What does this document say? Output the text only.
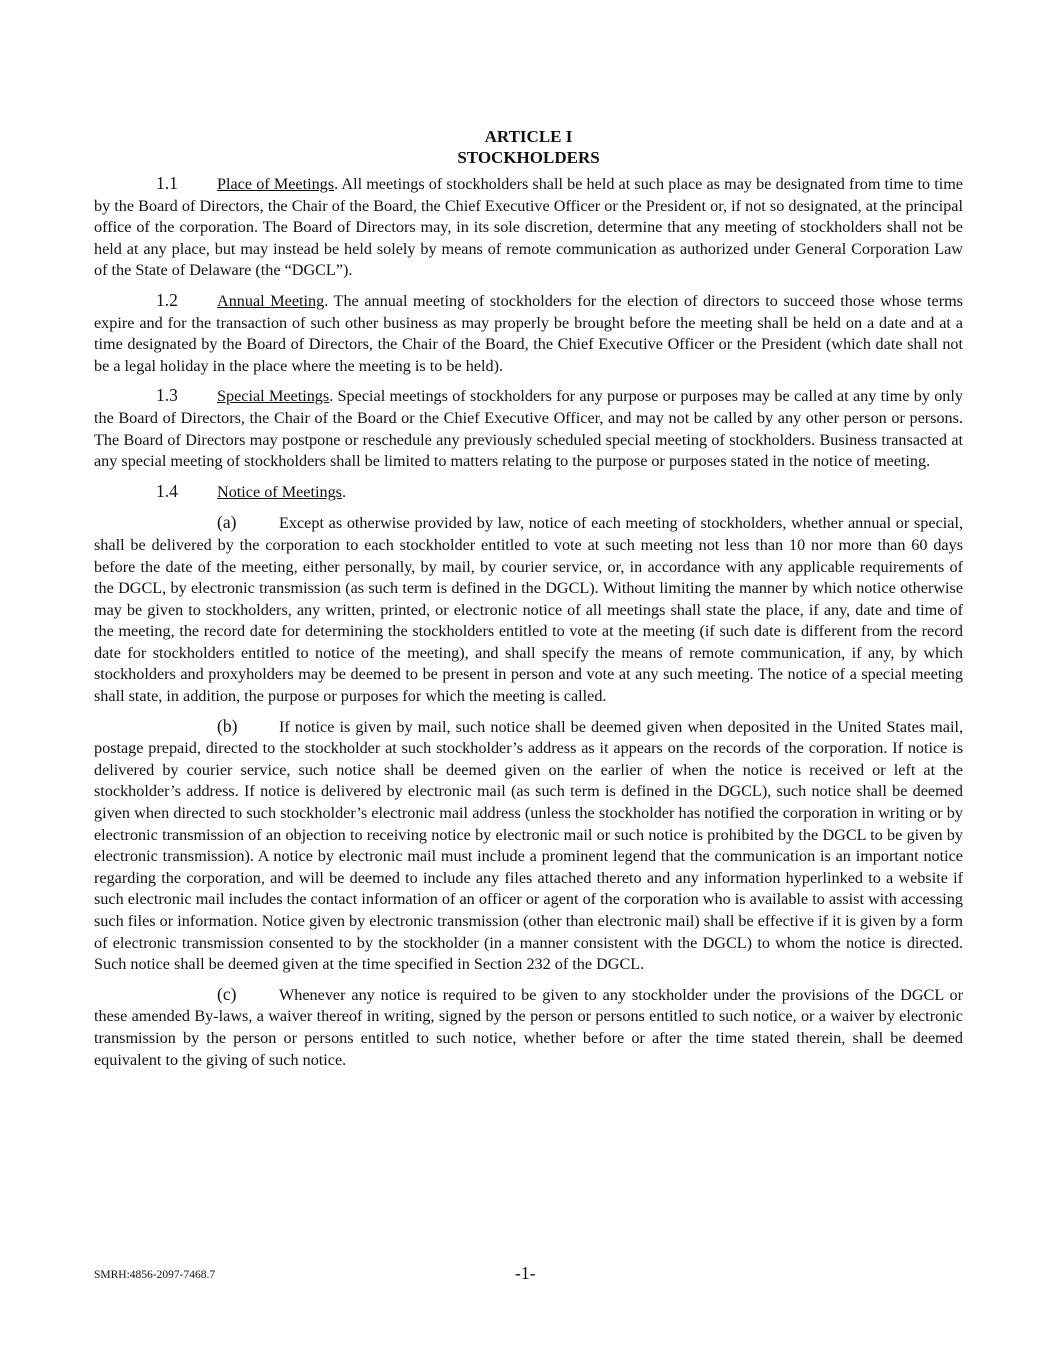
ARTICLE I
STOCKHOLDERS

1.1 Place of Meetings. All meetings of stockholders shall be held at such place as may be designated from time to time by the Board of Directors, the Chair of the Board, the Chief Executive Officer or the President or, if not so designated, at the principal office of the corporation. The Board of Directors may, in its sole discretion, determine that any meeting of stockholders shall not be held at any place, but may instead be held solely by means of remote communication as authorized under General Corporation Law of the State of Delaware (the “DGCL”).

1.2 Annual Meeting. The annual meeting of stockholders for the election of directors to succeed those whose terms expire and for the transaction of such other business as may properly be brought before the meeting shall be held on a date and at a time designated by the Board of Directors, the Chair of the Board, the Chief Executive Officer or the President (which date shall not be a legal holiday in the place where the meeting is to be held).

1.3 Special Meetings. Special meetings of stockholders for any purpose or purposes may be called at any time by only the Board of Directors, the Chair of the Board or the Chief Executive Officer, and may not be called by any other person or persons. The Board of Directors may postpone or reschedule any previously scheduled special meeting of stockholders. Business transacted at any special meeting of stockholders shall be limited to matters relating to the purpose or purposes stated in the notice of meeting.

1.4 Notice of Meetings.

(a)	Except as otherwise provided by law, notice of each meeting of stockholders, whether annual or special, shall be delivered by the corporation to each stockholder entitled to vote at such meeting not less than 10 nor more than 60 days before the date of the meeting, either personally, by mail, by courier service, or, in accordance with any applicable requirements of the DGCL, by electronic transmission (as such term is defined in the DGCL). Without limiting the manner by which notice otherwise may be given to stockholders, any written, printed, or electronic notice of all meetings shall state the place, if any, date and time of the meeting, the record date for determining the stockholders entitled to vote at the meeting (if such date is different from the record date for stockholders entitled to notice of the meeting), and shall specify the means of remote communication, if any, by which stockholders and proxyholders may be deemed to be present in person and vote at any such meeting. The notice of a special meeting shall state, in addition, the purpose or purposes for which the meeting is called.

(b)	If notice is given by mail, such notice shall be deemed given when deposited in the United States mail, postage prepaid, directed to the stockholder at such stockholder’s address as it appears on the records of the corporation. If notice is delivered by courier service, such notice shall be deemed given on the earlier of when the notice is received or left at the stockholder’s address. If notice is delivered by electronic mail (as such term is defined in the DGCL), such notice shall be deemed given when directed to such stockholder’s electronic mail address (unless the stockholder has notified the corporation in writing or by electronic transmission of an objection to receiving notice by electronic mail or such notice is prohibited by the DGCL to be given by electronic transmission). A notice by electronic mail must include a prominent legend that the communication is an important notice regarding the corporation, and will be deemed to include any files attached thereto and any information hyperlinked to a website if such electronic mail includes the contact information of an officer or agent of the corporation who is available to assist with accessing such files or information. Notice given by electronic transmission (other than electronic mail) shall be effective if it is given by a form of electronic transmission consented to by the stockholder (in a manner consistent with the DGCL) to whom the notice is directed. Such notice shall be deemed given at the time specified in Section 232 of the DGCL.

(c)	Whenever any notice is required to be given to any stockholder under the provisions of the DGCL or these amended By-laws, a waiver thereof in writing, signed by the person or persons entitled to such notice, or a waiver by electronic transmission by the person or persons entitled to such notice, whether before or after the time stated therein, shall be deemed equivalent to the giving of such notice.

SMRH:4856-2097-7468.7	-1-
